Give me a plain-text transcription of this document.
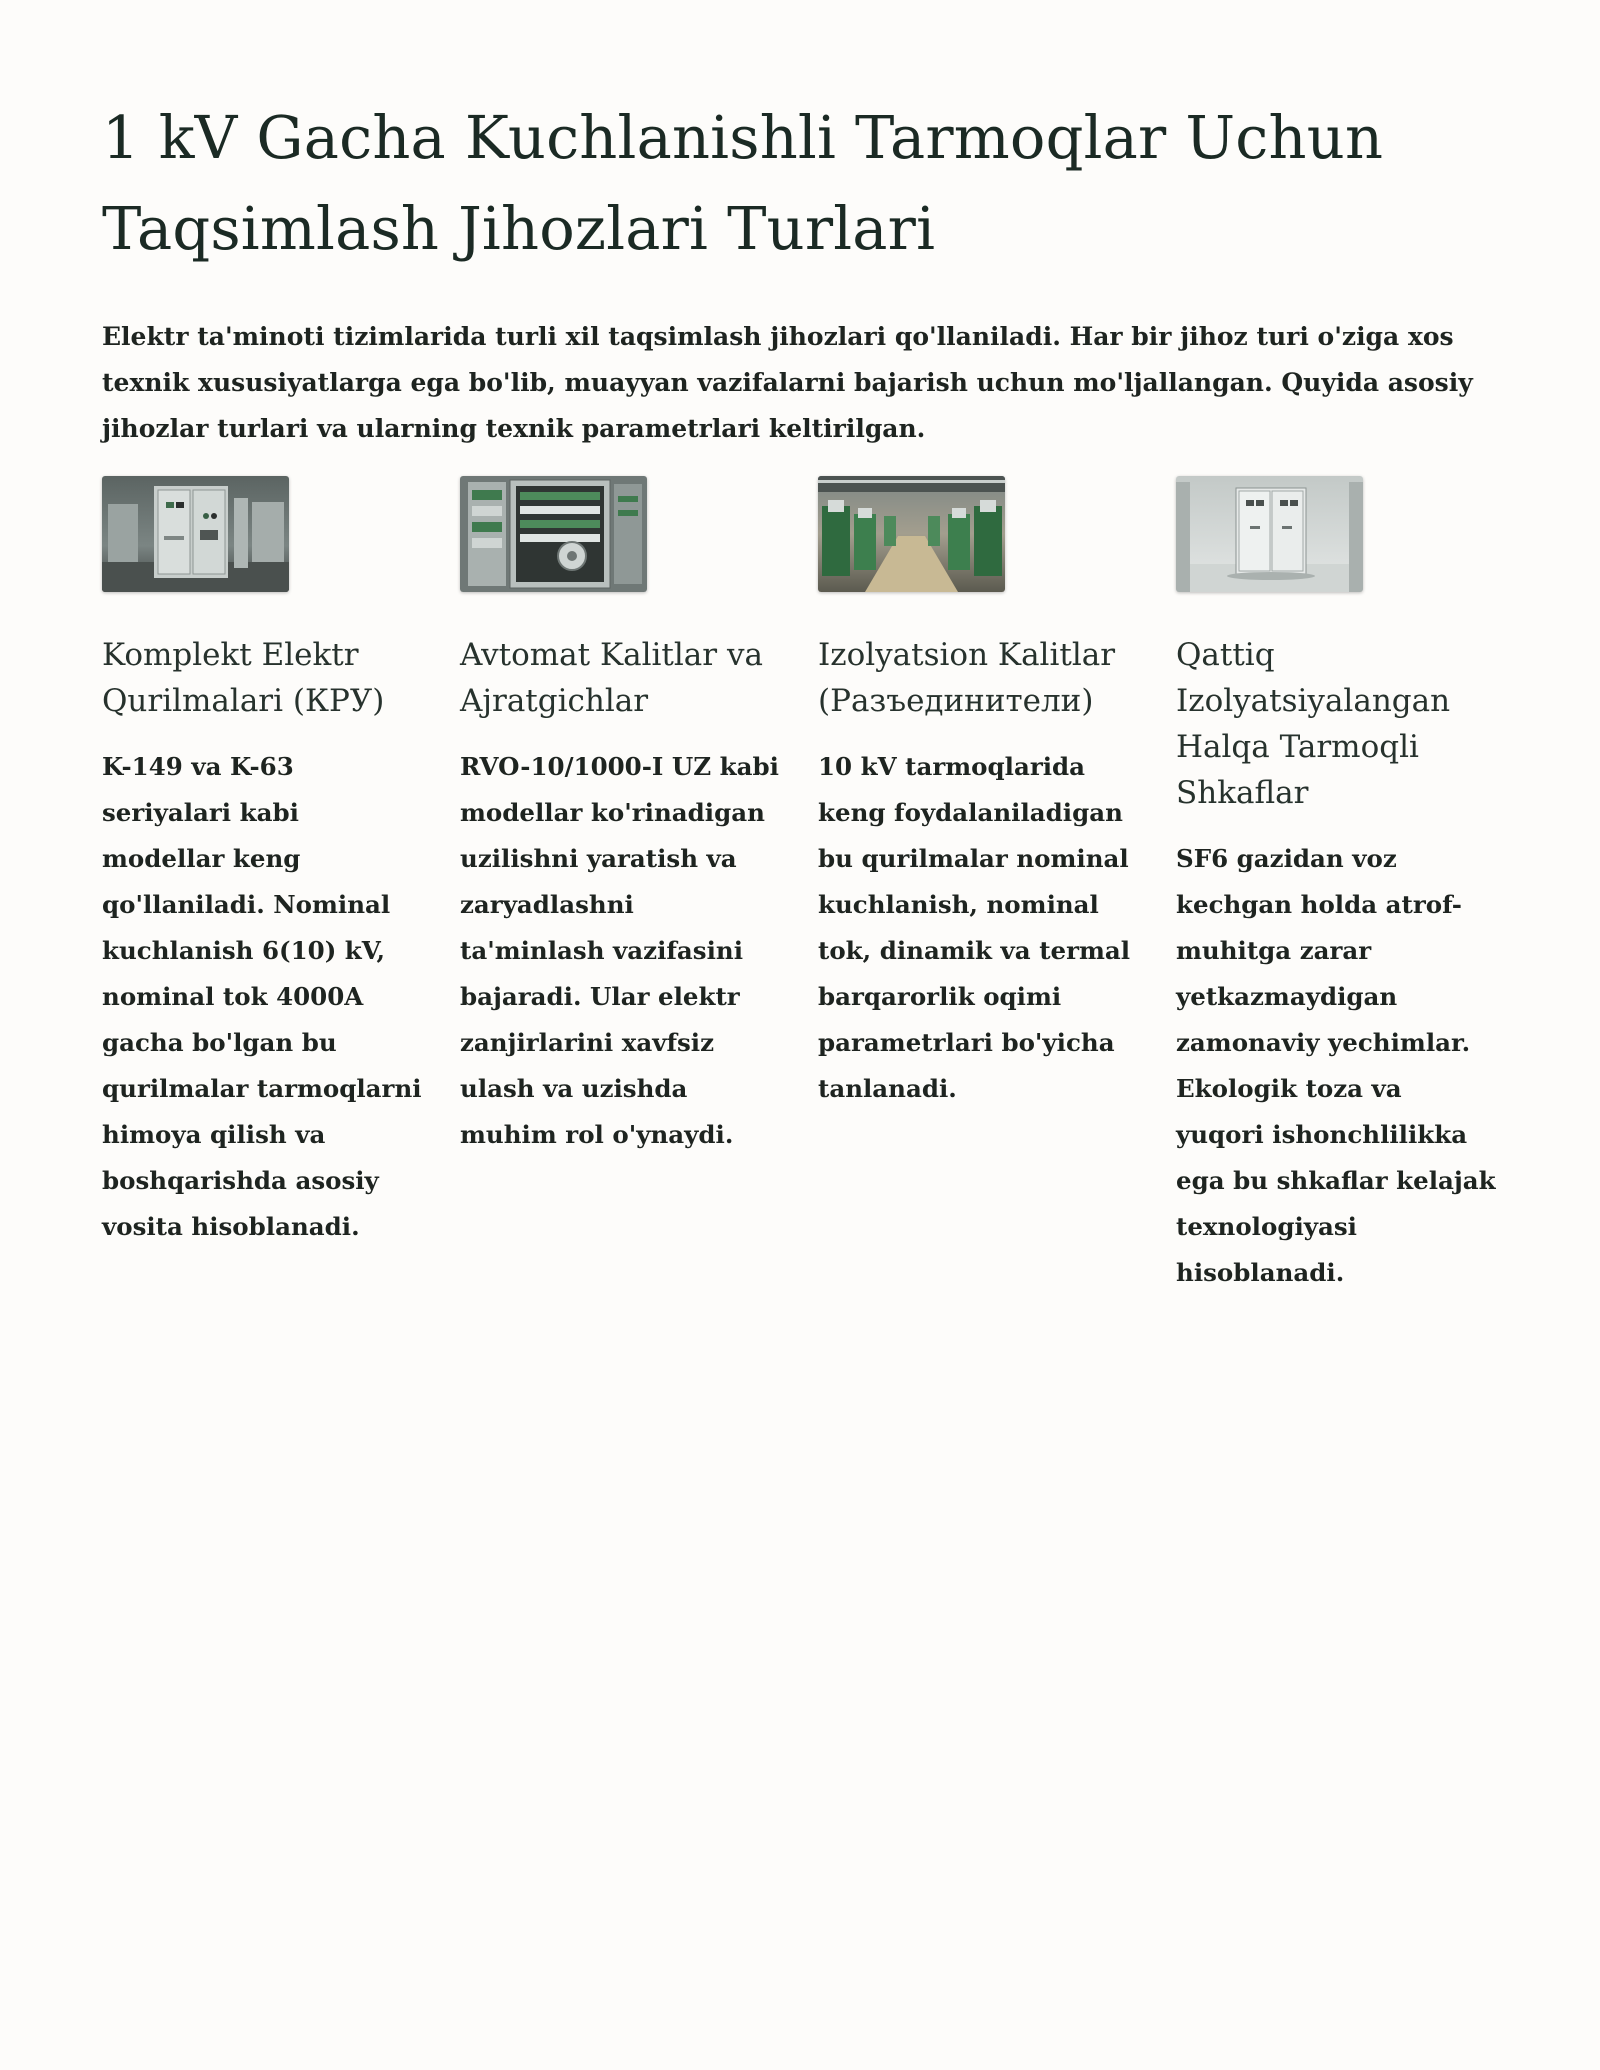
1 kV Gacha Kuchlanishli Tarmoqlar Uchun Taqsimlash Jihozlari Turlari

Elektr ta'minoti tizimlarida turli xil taqsimlash jihozlari qo'llaniladi. Har bir jihoz turi o'ziga xos texnik xususiyatlarga ega bo'lib, muayyan vazifalarni bajarish uchun mo'ljallangan. Quyida asosiy jihozlar turlari va ularning texnik parametrlari keltirilgan.

Komplekt Elektr Qurilmalari (КРУ)

K-149 va K-63 seriyalari kabi modellar keng qo'llaniladi. Nominal kuchlanish 6(10) kV, nominal tok 4000A gacha bo'lgan bu qurilmalar tarmoqlarni himoya qilish va boshqarishda asosiy vosita hisoblanadi.

Avtomat Kalitlar va Ajratgichlar

RVO-10/1000-I UZ kabi modellar ko'rinadigan uzilishni yaratish va zaryadlashni ta'minlash vazifasini bajaradi. Ular elektr zanjirlarini xavfsiz ulash va uzishda muhim rol o'ynaydi.

Izolyatsion Kalitlar (Разъединители)

10 kV tarmoqlarida keng foydalaniladigan bu qurilmalar nominal kuchlanish, nominal tok, dinamik va termal barqarorlik oqimi parametrlari bo'yicha tanlanadi.

Qattiq Izolyatsiyalangan Halqa Tarmoqli Shkaflar

SF6 gazidan voz kechgan holda atrof-muhitga zarar yetkazmaydigan zamonaviy yechimlar. Ekologik toza va yuqori ishonchlilikka ega bu shkaflar kelajak texnologiyasi hisoblanadi.
